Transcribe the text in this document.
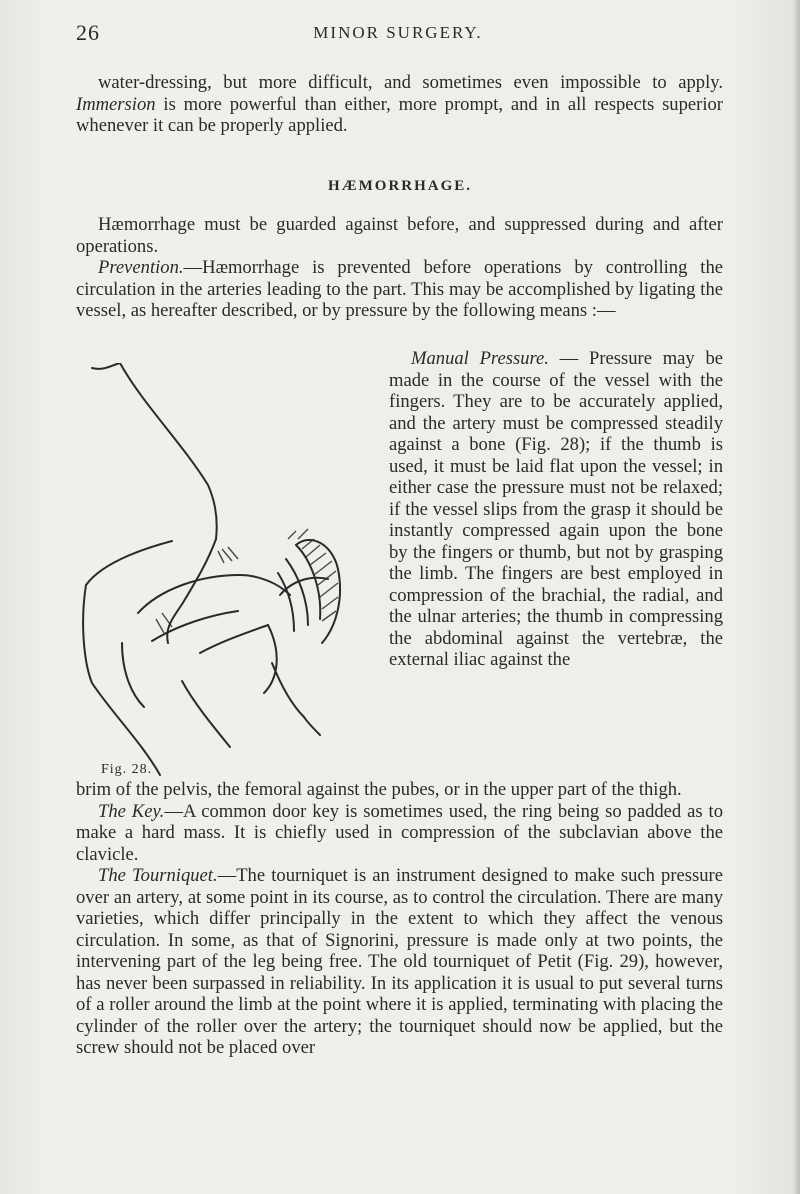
26	MINOR SURGERY.

water-dressing, but more difficult, and sometimes even impossible to apply. Immersion is more powerful than either, more prompt, and in all respects superior whenever it can be properly applied.

HÆMORRHAGE.

Hæmorrhage must be guarded against before, and suppressed during and after operations.

Prevention.—Hæmorrhage is prevented before operations by controlling the circulation in the arteries leading to the part. This may be accomplished by ligating the vessel, as hereafter described, or by pressure by the following means :—

Manual Pressure. — Pressure may be made in the course of the vessel with the fingers. They are to be accurately applied, and the artery must be compressed steadily against a bone (Fig. 28); if the thumb is used, it must be laid flat upon the vessel; in either case the pressure must not be relaxed; if the vessel slips from the grasp it should be instantly compressed again upon the bone by the fingers or thumb, but not by grasping the limb. The fingers are best employed in compression of the brachial, the radial, and the ulnar arteries; the thumb in compressing the abdominal against the vertebræ, the external iliac against the

Fig. 28.

brim of the pelvis, the femoral against the pubes, or in the upper part of the thigh.

The Key.—A common door key is sometimes used, the ring being so padded as to make a hard mass. It is chiefly used in compression of the subclavian above the clavicle.

The Tourniquet.—The tourniquet is an instrument designed to make such pressure over an artery, at some point in its course, as to control the circulation. There are many varieties, which differ principally in the extent to which they affect the venous circulation. In some, as that of Signorini, pressure is made only at two points, the intervening part of the leg being free. The old tourniquet of Petit (Fig. 29), however, has never been surpassed in reliability. In its application it is usual to put several turns of a roller around the limb at the point where it is applied, terminating with placing the cylinder of the roller over the artery; the tourniquet should now be applied, but the screw should not be placed over
